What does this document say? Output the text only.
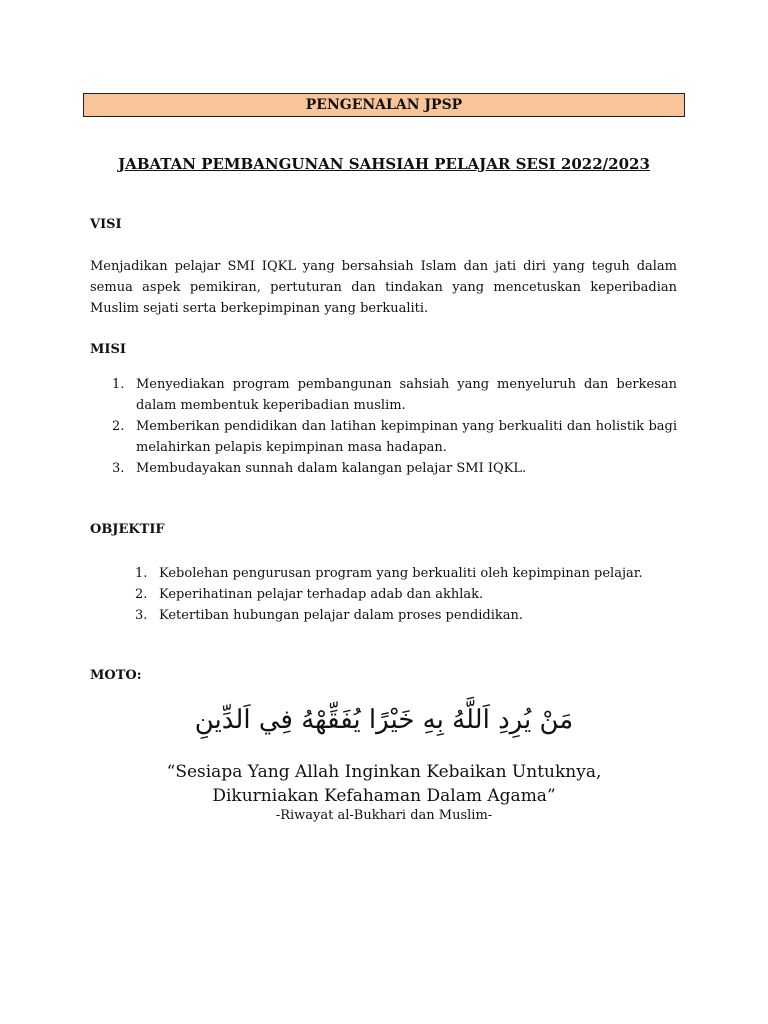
PENGENALAN JPSP
JABATAN PEMBANGUNAN SAHSIAH PELAJAR SESI 2022/2023
VISI
Menjadikan pelajar SMI IQKL yang bersahsiah Islam dan jati diri yang teguh dalam semua aspek pemikiran, pertuturan dan tindakan yang mencetuskan keperibadian Muslim sejati serta berkepimpinan yang berkualiti.
MISI
1. Menyediakan program pembangunan sahsiah yang menyeluruh dan berkesan dalam membentuk keperibadian muslim.
2. Memberikan pendidikan dan latihan kepimpinan yang berkualiti dan holistik bagi melahirkan pelapis kepimpinan masa hadapan.
3. Membudayakan sunnah dalam kalangan pelajar SMI IQKL.
OBJEKTIF
1. Kebolehan pengurusan program yang berkualiti oleh kepimpinan pelajar.
2. Keperihatinan pelajar terhadap adab dan akhlak.
3. Ketertiban hubungan pelajar dalam proses pendidikan.
MOTO:
مَنْ يُرِدِ اَللَّهُ بِهِ خَيْرًا يُفَقِّهْهُ فِي اَلدِّينِ
“Sesiapa Yang Allah Inginkan Kebaikan Untuknya,
Dikurniakan Kefahaman Dalam Agama”
-Riwayat al-Bukhari dan Muslim-
